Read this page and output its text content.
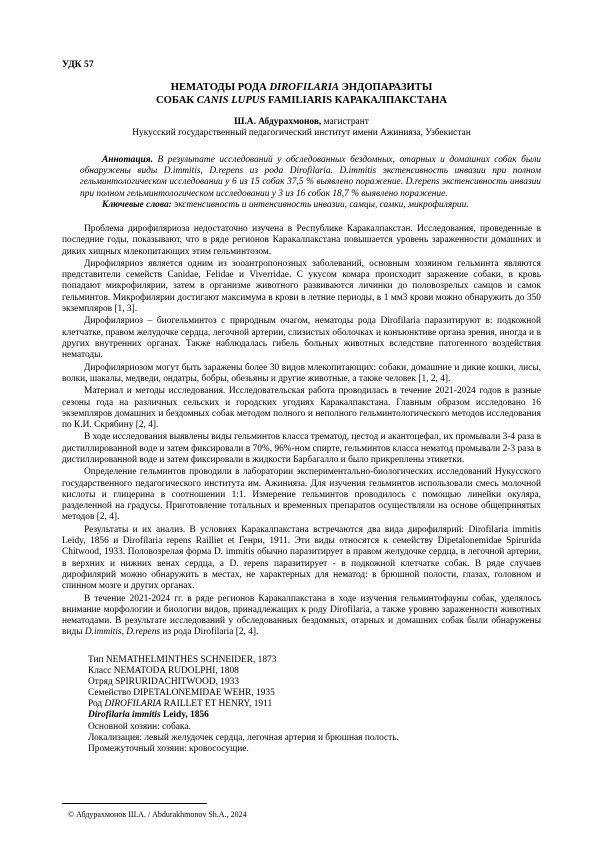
УДК 57
НЕМАТОДЫ РОДА DIROFILARIA ЭНДОПАРАЗИТЫ
СОБАК CANIS LUPUS FAMILIARIS КАРАКАЛПАКСТАНА
Ш.А. Абдурахмонов, магистрант
Нукусский государственный педагогический институт имени Ажиниязa, Узбекистан
Аннотация. В результате исследований у обследованных бездомных, отарных и домашних собак были обнаружены виды D.immitis, D.repens из рода Dirofilaria. D.immitis экстенсивность инвазии при полном гельминтологическом исследовании у 6 из 15 собак 37,5 % выявлено поражение. D.repens экстенсивность инвазии при полном гельминтологическом исследовании у 3 из 16 собак 18,7 % выявлено поражение.
Ключевые слова: экстенсивность и интенсивность инвазии, самцы, самки, микрофилярии.

Проблема дирофиляриоза недостаточно изучена в Республике Каракалпакстан. Исследования, проведенные в последние годы, показывают, что в ряде регионов Каракалпакстана повышается уровень зараженности домашних и диких хищных млекопитающих этим гельминтозом.

Дирофиляриоз является одним из зооантропонозных заболеваний, основным хозяином гельминта являются представители семейств Canidae, Felidae и Viverridae. С укусом комара происходит заражение собаки, в кровь попадают микрофилярии, затем в организме животного развиваются личинки до половозрелых самцов и самок гельминтов. Микрофилярии достигают максимума в крови в летние периоды, в 1 мм3 крови можно обнаружить до 350 экземпляров [1, 3].

Дирофиляриоз – биогельминтоз с природным очагом, нематоды рода Dirofilaria паразитируют в: подкожной клетчатке, правом желудочке сердца, легочной артерии, слизистых оболочках и конъюнктиве органа зрения, иногда и в других внутренних органах. Также наблюдалась гибель больных животных вследствие патогенного воздействия нематоды.

Дирофиляриозом могут быть заражены более 30 видов млекопитающих: собаки, домашние и дикие кошки, лисы, волки, шакалы, медведи, ондатры, бобры, обезьяны и другие животные, а также человек [1, 2, 4].

Материал и методы исследования. Исследовательская работа проводилась в течение 2021-2024 годов в разные сезоны года на различных сельских и городских угодиях Каракалпакстана. Главным образом исследовано 16 экземпляров домашних и бездомных собак методом полного и неполного гельминтологического методов исследования по К.И. Скрябину [2, 4].

В ходе исследования выявлены виды гельминтов класса трематод, цестод и акантоцефал, их промывали 3-4 раза в дистиллированной воде и затем фиксировали в 70%, 96%-ном спирте, гельминтов класса нематод промывали 2-3 раза в дистиллированной воде и затем фиксировали в жидкости Барбагалло и было прикреплены этикетки.

Определение гельминтов проводили в лаборатории экспериментально-биологических исследований Нукусского государственного педагогического института им. Ажинияза. Для изучения гельминтов использовали смесь молочной кислоты и глицерина в соотношении 1:1. Измерение гельминтов проводилось с помощью линейки окуляра, разделенной на градусы. Приготовление тотальных и временных препаратов осуществляли на основе общепринятых методов [2, 4].

Результаты и их анализ. В условиях Каракалпакстана встречаются два вида дирофилярий: Dirofilaria immitis Leidy, 1856 и Dirofilaria repens Railliet et Генри, 1911. Эти виды относятся к семейству Dipetalonemidae Spirurida Chitwood, 1933. Половозрелая форма D. immitis обычно паразитирует в правом желудочке сердца, в легочной артерии, в верхних и нижних венах сердца, а D. repens паразитирует - в подкожной клетчатке собак. В ряде случаев дирофилярий можно обнаружить в местах, не характерных для нематод: в брюшной полости, глазах, головном и спинном мозге и других органах.

В течение 2021-2024 гг. в ряде регионов Каракалпакстана в ходе изучения гельминтофауны собак, уделялось внимание морфологии и биологии видов, принадлежащих к роду Dirofilaria, а также уровню зараженности животных нематодами. В результате исследований у обследованных бездомных, отарных и домашних собак были обнаружены виды D.immitis, D.repens из рода Dirofilaria [2, 4].

Тип NEMATHELMINTHES SCHNEIDER, 1873
Класс NEMATODA RUDOLPHI, 1808
Отряд SPIRURIDACHITWOOD, 1933
Семейство DIPETALONEMIDAE WEHR, 1935
Род DIROFILARIA RAILLET ET HENRY, 1911
Dirofilaria immitis Leidy, 1856
Основной хозяин: собака.
Локализация: левый желудочек сердца, легочная артерия и брюшная полость.
Промежуточный хозяин: кровососущие.
© Абдурахмонов Ш.А. / Abdurakhmonov Sh.A., 2024
